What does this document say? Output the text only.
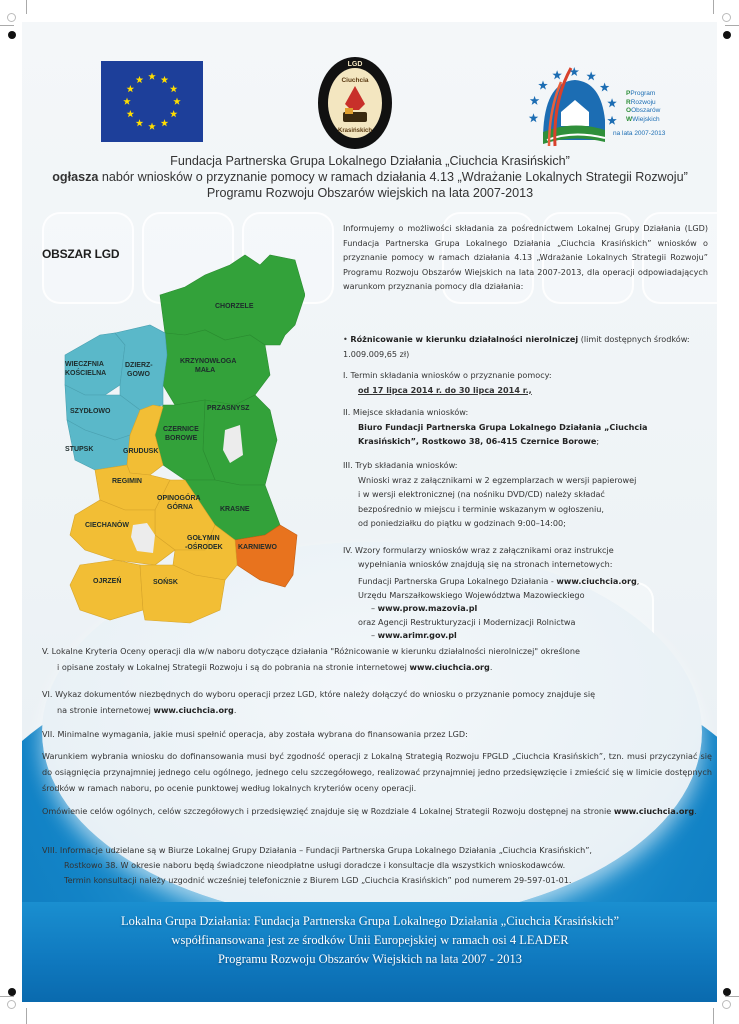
LGD
Ciuchcia
Krasińskich
PProgram
RRozwoju
OObszarów
WWiejskich
na lata 2007-2013
Fundacja Partnerska Grupa Lokalnego Działania „Ciuchcia Krasińskich”
ogłasza nabór wniosków o przyznanie pomocy w ramach działania 4.13 „Wdrażanie Lokalnych Strategii Rozwoju”
Programu Rozwoju Obszarów wiejskich na lata 2007-2013
OBSZAR LGD
CHORZELE
WIECZFNIA
KOŚCIELNA
DZIERZ-
GOWO
KRZYNOWŁOGA
MAŁA
SZYDŁOWO	PRZASNYSZ
CZERNICE
BOROWE
STUPSK	GRUDUSK
REGIMIN
OPINOGÓRA
GÓRNA	KRASNE
CIECHANÓW
GOŁYMIN
-OŚRODEK KARNIEWO
OJRZEŃ	SOŃSK
Informujemy o możliwości składania za pośrednictwem Lokalnej Grupy Działania (LGD) Fundacja Partnerska Grupa Lokalnego Działania „Ciuchcia Krasińskich” wniosków o przyznanie pomocy w ramach działania 4.13 „Wdrażanie Lokalnych Strategii Rozwoju” Programu Rozwoju Obszarów Wiejskich na lata 2007-2013, dla operacji odpowiadających warunkom przyznania pomocy dla działania:
• Różnicowanie w kierunku działalności nierolniczej (limit dostępnych środków: 1.009.009,65 zł)
I. Termin składania wniosków o przyznanie pomocy:
od 17 lipca 2014 r. do 30 lipca 2014 r.,
II. Miejsce składania wniosków:
Biuro Fundacji Partnerska Grupa Lokalnego Działania „Ciuchcia Krasińskich”, Rostkowo 38, 06-415 Czernice Borowe;
III. Tryb składania wniosków:
Wnioski wraz z załącznikami w 2 egzemplarzach w wersji papierowej
i w wersji elektronicznej (na nośniku DVD/CD) należy składać
bezpośrednio w miejscu i terminie wskazanym w ogłoszeniu,
od poniedziałku do piątku w godzinach 9:00–14:00;
IV. Wzory formularzy wniosków wraz z załącznikami oraz instrukcje
wypełniania wniosków znajdują się na stronach internetowych:
Fundacji Partnerska Grupa Lokalnego Działania - www.ciuchcia.org,
Urzędu Marszałkowskiego Województwa Mazowieckiego
– www.prow.mazovia.pl
oraz Agencji Restrukturyzacji i Modernizacji Rolnictwa
– www.arimr.gov.pl
V. Lokalne Kryteria Oceny operacji dla w/w naboru dotyczące działania "Różnicowanie w kierunku działalności nierolniczej" określone
i opisane zostały w Lokalnej Strategii Rozwoju i są do pobrania na stronie internetowej www.ciuchcia.org.
VI. Wykaz dokumentów niezbędnych do wyboru operacji przez LGD, które należy dołączyć do wniosku o przyznanie pomocy znajduje się
na stronie internetowej www.ciuchcia.org.
VII. Minimalne wymagania, jakie musi spełnić operacja, aby została wybrana do finansowania przez LGD:
Warunkiem wybrania wniosku do dofinansowania musi być zgodność operacji z Lokalną Strategią Rozwoju FPGLD „Ciuchcia Krasińskich”, tzn. musi przyczyniać się do osiągnięcia przynajmniej jednego celu ogólnego, jednego celu szczegółowego, realizować przynajmniej jedno przedsięwzięcie i zmieścić się w limicie dostępnych środków w ramach naboru, po ocenie punktowej według lokalnych kryteriów oceny operacji.
Omówienie celów ogólnych, celów szczegółowych i przedsięwzięć znajduje się w Rozdziale 4 Lokalnej Strategii Rozwoju dostępnej na stronie www.ciuchcia.org.
VIII. Informacje udzielane są w Biurze Lokalnej Grupy Działania – Fundacji Partnerska Grupa Lokalnego Działania „Ciuchcia Krasińskich”,
Rostkowo 38. W okresie naboru będą świadczone nieodpłatne usługi doradcze i konsultacje dla wszystkich wnioskodawców.
Termin konsultacji należy uzgodnić wcześniej telefonicznie z Biurem LGD „Ciuchcia Krasińskich” pod numerem 29-597-01-01.
Lokalna Grupa Działania: Fundacja Partnerska Grupa Lokalnego Działania „Ciuchcia Krasińskich”
współfinansowana jest ze środków Unii Europejskiej w ramach osi 4 LEADER
Programu Rozwoju Obszarów Wiejskich na lata 2007 - 2013
